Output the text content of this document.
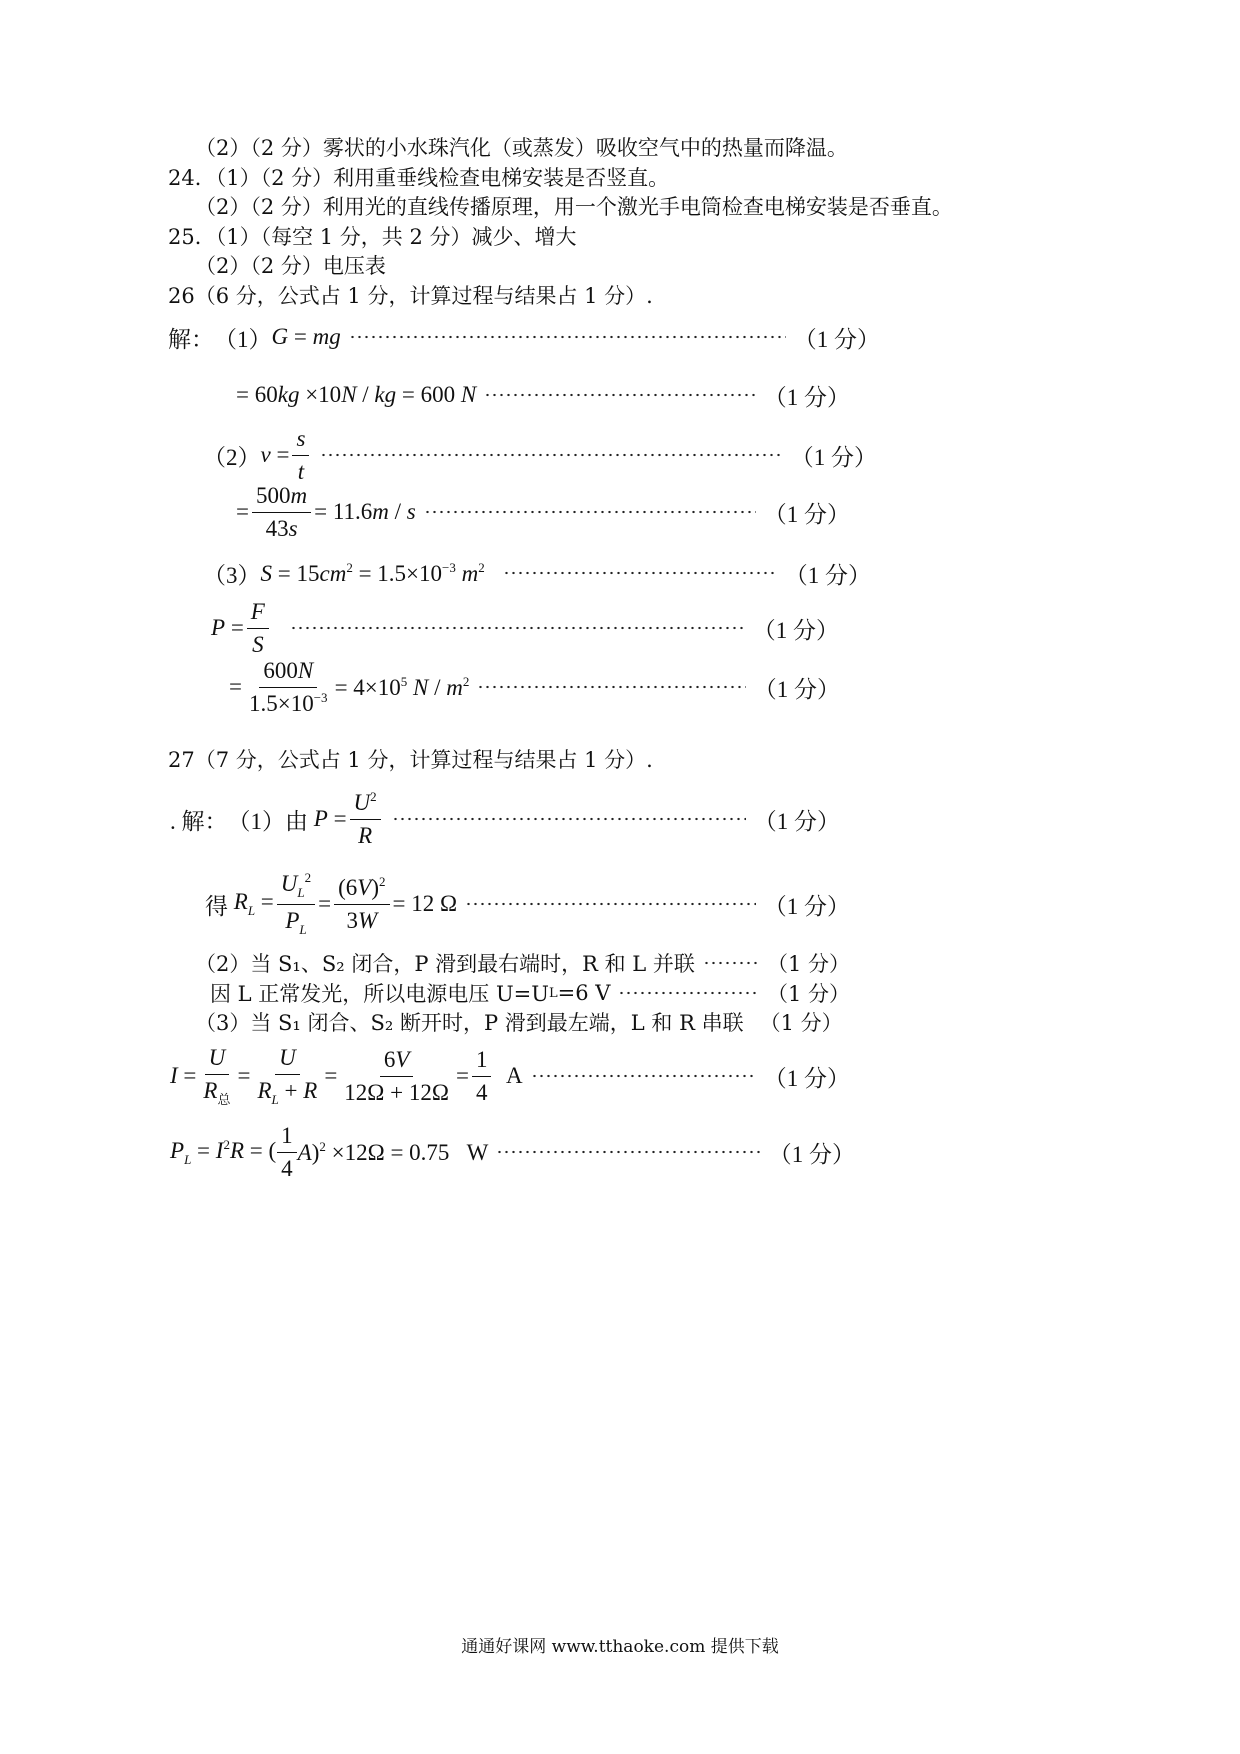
（2）（2 分）雾状的小水珠汽化（或蒸发）吸收空气中的热量而降温。
24．（1）（2 分）利用重垂线检查电梯安装是否竖直。
（2）（2 分）利用光的直线传播原理，用一个激光手电筒检查电梯安装是否垂直。
25．（1）（每空 1 分，共 2 分）减少、增大
（2）（2 分）电压表
26（6 分，公式占 1 分，计算过程与结果占 1 分）.
解： （1） G = mg	（1 分）
= 60kg ×10N / kg = 600 N	（1 分）
（2） $v = \frac{s}{t}$	（1 分）
= $\frac{500m}{43s} = 11.6m / s$	（1 分）
（3） $S = 15cm^2 = 1.5\times 10^{-3}$ $m^2$	（1 分）
$P = \frac{F}{S}$	（1 分）
= $\frac{600N}{1.5\times 10^{-3}} = 4\times 10^5$ N / $m^2$	（1 分）
27（7 分，公式占 1 分，计算过程与结果占 1 分）.
. 解： （1） 由 $P = \frac{U^2}{R}$	（1 分）
得 $R_L = \frac{U_L^2}{P_L} = \frac{(6V)^2}{3W} = 12$ Ω	（1 分）
（2）当 S₁、S₂ 闭合，P 滑到最右端时，R 和 L 并联	（1 分）
因 L 正常发光，所以电源电压 U=U L =6 V	（1 分）
（3）当 S₁ 闭合、S₂ 断开时，P 滑到最左端，L 和 R 串联 （1 分）
$I = \frac{U}{R_总} = \frac{U}{R_L + R} = \frac{6V}{12\Omega + 12\Omega} = \frac{1}{4}$ A	（1 分）
$P_L = I^2R$ = ( $\frac{1}{4} A)^2 \times 12\Omega = 0.75$   W	（1 分）
通通好课网 www.tthaoke.com 提供下载
